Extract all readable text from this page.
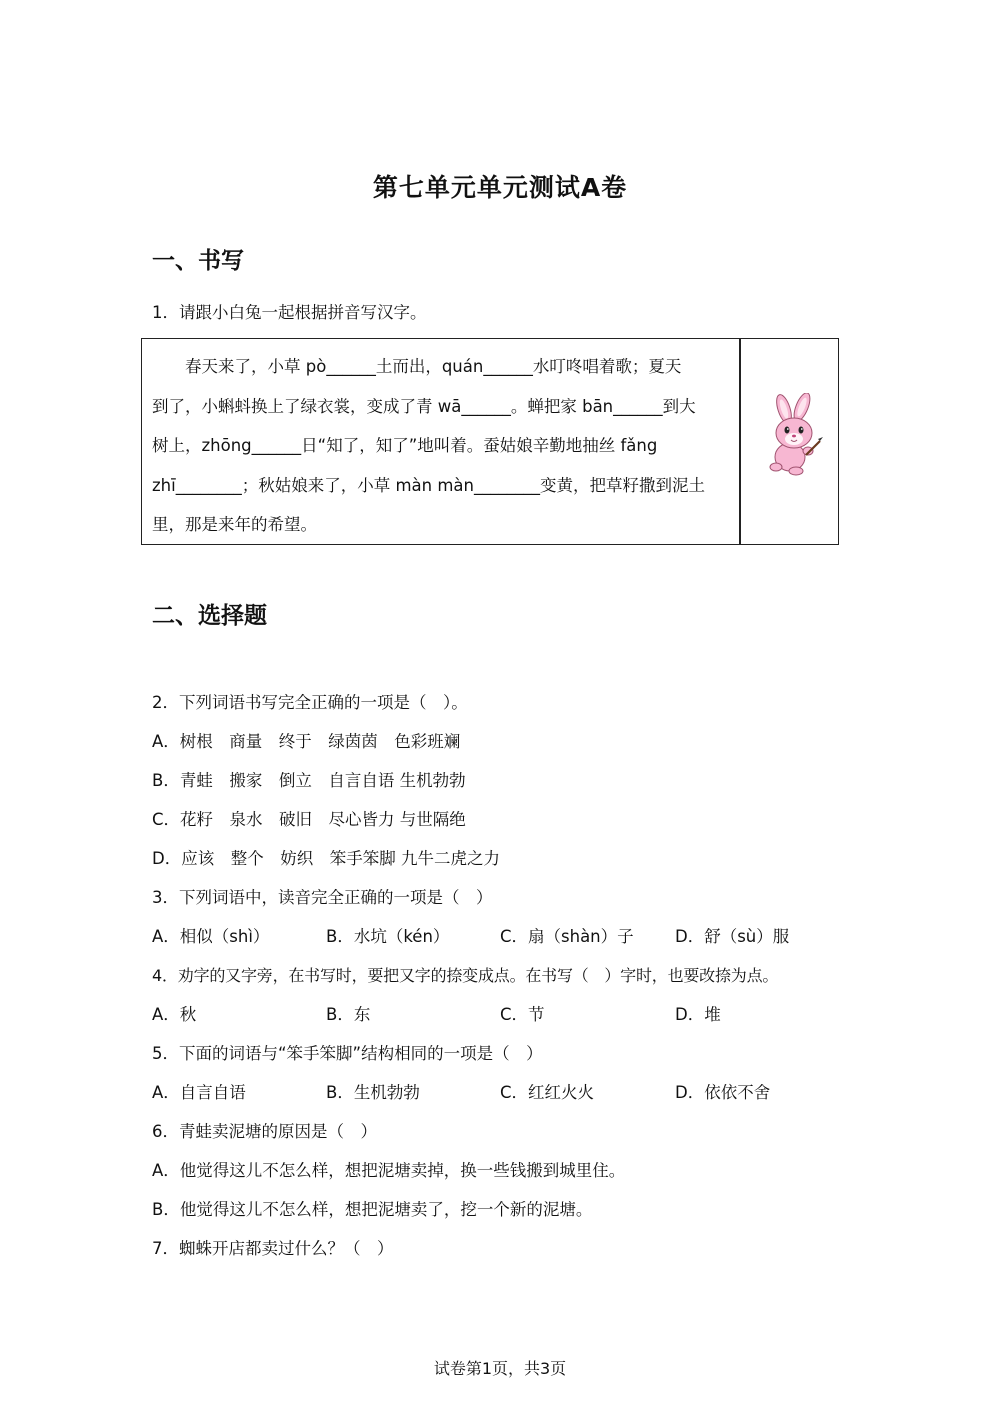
第七单元单元测试A卷
一、书写
1．请跟小白兔一起根据拼音写汉字。
　　春天来了，小草 pò______土而出，quán______水叮咚唱着歌；夏天
到了，小蝌蚪换上了绿衣裳，变成了青 wā______。蝉把家 bān______到大
树上，zhōng______日“知了，知了”地叫着。蚕姑娘辛勤地抽丝 fǎng
zhī________；秋姑娘来了，小草 màn màn________变黄，把草籽撒到泥土
里，那是来年的希望。
二、选择题
2．下列词语书写完全正确的一项是（　）。
A．树根　商量　终于　绿茵茵　色彩班斓
B．青蛙　搬家　倒立　自言自语 生机勃勃
C．花籽　泉水　破旧　尽心皆力 与世隔绝
D．应该　整个　妨织　笨手笨脚 九牛二虎之力
3．下列词语中，读音完全正确的一项是（　）
A．相似（shì）	B．水坑（kén）	C．扇（shàn）子	D．舒（sù）服
4．劝字的又字旁，在书写时，要把又字的捺变成点。在书写（　）字时，也要改捺为点。
A．秋	B．东	C．节	D．堆
5．下面的词语与“笨手笨脚”结构相同的一项是（　）
A．自言自语	B．生机勃勃	C．红红火火	D．依依不舍
6．青蛙卖泥塘的原因是（　）
A．他觉得这儿不怎么样，想把泥塘卖掉，换一些钱搬到城里住。
B．他觉得这儿不怎么样，想把泥塘卖了，挖一个新的泥塘。
7．蜘蛛开店都卖过什么？（　）
试卷第1页，共3页
